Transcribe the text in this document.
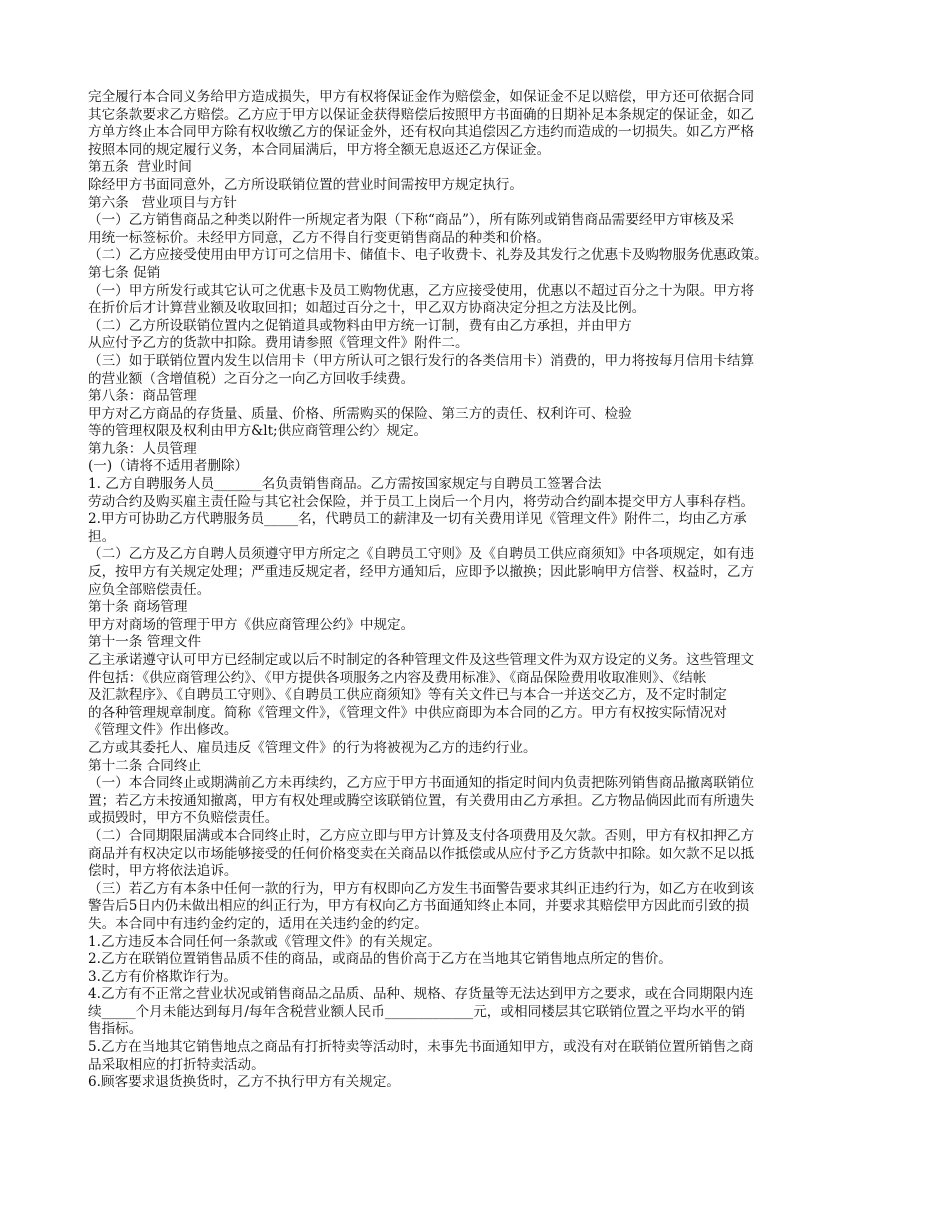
完全履行本合同义务给甲方造成损失，甲方有权将保证金作为赔偿金，如保证金不足以赔偿，甲方还可依据合同
其它条款要求乙方赔偿。乙方应于甲方以保证金获得赔偿后按照甲方书面确的日期补足本条规定的保证金，如乙
方单方终止本合同甲方除有权收缴乙方的保证金外，还有权向其追偿因乙方违约而造成的一切损失。如乙方严格
按照本同的规定履行义务，本合同届满后，甲方将全额无息返还乙方保证金。
第五条  营业时间
除经甲方书面同意外，乙方所设联销位置的营业时间需按甲方规定执行。
第六条   营业项目与方针
（一）乙方销售商品之种类以附件一所规定者为限（下称“商品”），所有陈列或销售商品需要经甲方审核及采
用统一标签标价。未经甲方同意，乙方不得自行变更销售商品的种类和价格。
（二）乙方应接受使用由甲方订可之信用卡、储值卡、电子收费卡、礼券及其发行之优惠卡及购物服务优惠政策。
第七条 促销
（一）甲方所发行或其它认可之优惠卡及员工购物优惠，乙方应接受使用，优惠以不超过百分之十为限。甲方将
在折价后才计算营业额及收取回扣；如超过百分之十，甲乙双方协商决定分担之方法及比例。
（二）乙方所设联销位置内之促销道具或物料由甲方统一订制，费有由乙方承担，并由甲方
从应付予乙方的货款中扣除。费用请参照《管理文件》附件二。
（三）如于联销位置内发生以信用卡（甲方所认可之银行发行的各类信用卡）消费的，甲力将按每月信用卡结算
的营业额（含增值税）之百分之一向乙方回收手续费。
第八条：商品管理
甲方对乙方商品的存货量、质量、价格、所需购买的保险、第三方的责任、权利许可、检验
等的管理权限及权利由甲方&lt;供应商管理公约〉规定。
第九条：人员管理
(一)（请将不适用者删除）
1. 乙方自聘服务人员_______名负责销售商品。乙方需按国家规定与自聘员工签署合法
劳动合约及购买雇主责任险与其它社会保险，并于员工上岗后一个月内，将劳动合约副本提交甲方人事科存档。
2.甲方可协助乙方代聘服务员_____名，代聘员工的薪津及一切有关费用详见《管理文件》附件二，均由乙方承
担。
（二）乙方及乙方自聘人员须遵守甲方所定之《自聘员工守则》及《自聘员工供应商须知》中各项规定，如有违
反，按甲方有关规定处理；严重违反规定者，经甲方通知后，应即予以撤换；因此影响甲方信誉、权益时，乙方
应负全部赔偿责任。
第十条 商场管理
甲方对商场的管理于甲方《供应商管理公约》中规定。
第十一条 管理文件
乙主承诺遵守认可甲方已经制定或以后不时制定的各种管理文件及这些管理文件为双方设定的义务。这些管理文
件包括：《供应商管理公约》、《甲方提供各项服务之内容及费用标准》、《商品保险费用收取准则》、《结帐
及汇款程序》、《自聘员工守则》、《自聘员工供应商须知》等有关文件已与本合一并送交乙方，及不定时制定
的各种管理规章制度。简称《管理文件》，《管理文件》中供应商即为本合同的乙方。甲方有权按实际情况对
《管理文件》作出修改。
乙方或其委托人、雇员违反《管理文件》的行为将被视为乙方的违约行业。
第十二条 合同终止
（一）本合同终止或期满前乙方未再续约，乙方应于甲方书面通知的指定时间内负责把陈列销售商品撤离联销位
置；若乙方未按通知撤离，甲方有权处理或腾空该联销位置，有关费用由乙方承担。乙方物品倘因此而有所遗失
或损毁时，甲方不负赔偿责任。
（二）合同期限届满或本合同终止时，乙方应立即与甲方计算及支付各项费用及欠款。否则，甲方有权扣押乙方
商品并有权决定以市场能够接受的任何价格变卖在关商品以作抵偿或从应付予乙方货款中扣除。如欠款不足以抵
偿时，甲方将依法追诉。
（三）若乙方有本条中任何一款的行为，甲方有权即向乙方发生书面警告要求其纠正违约行为，如乙方在收到该
警告后5日内仍未做出相应的纠正行为，甲方有权向乙方书面通知终止本同，并要求其赔偿甲方因此而引致的损
失。本合同中有违约金约定的，适用在关违约金的约定。
1.乙方违反本合同任何一条款或《管理文件》的有关规定。
2.乙方在联销位置销售品质不佳的商品，或商品的售价高于乙方在当地其它销售地点所定的售价。
3.乙方有价格欺诈行为。
4.乙方有不正常之营业状况或销售商品之品质、品种、规格、存货量等无法达到甲方之要求，或在合同期限内连
续_____个月未能达到每月/每年含税营业额人民币_____________元，或相同楼层其它联销位置之平均水平的销
售指标。
5.乙方在当地其它销售地点之商品有打折特卖等活动时，未事先书面通知甲方，或没有对在联销位置所销售之商
品采取相应的打折特卖活动。
6.顾客要求退货换货时，乙方不执行甲方有关规定。
